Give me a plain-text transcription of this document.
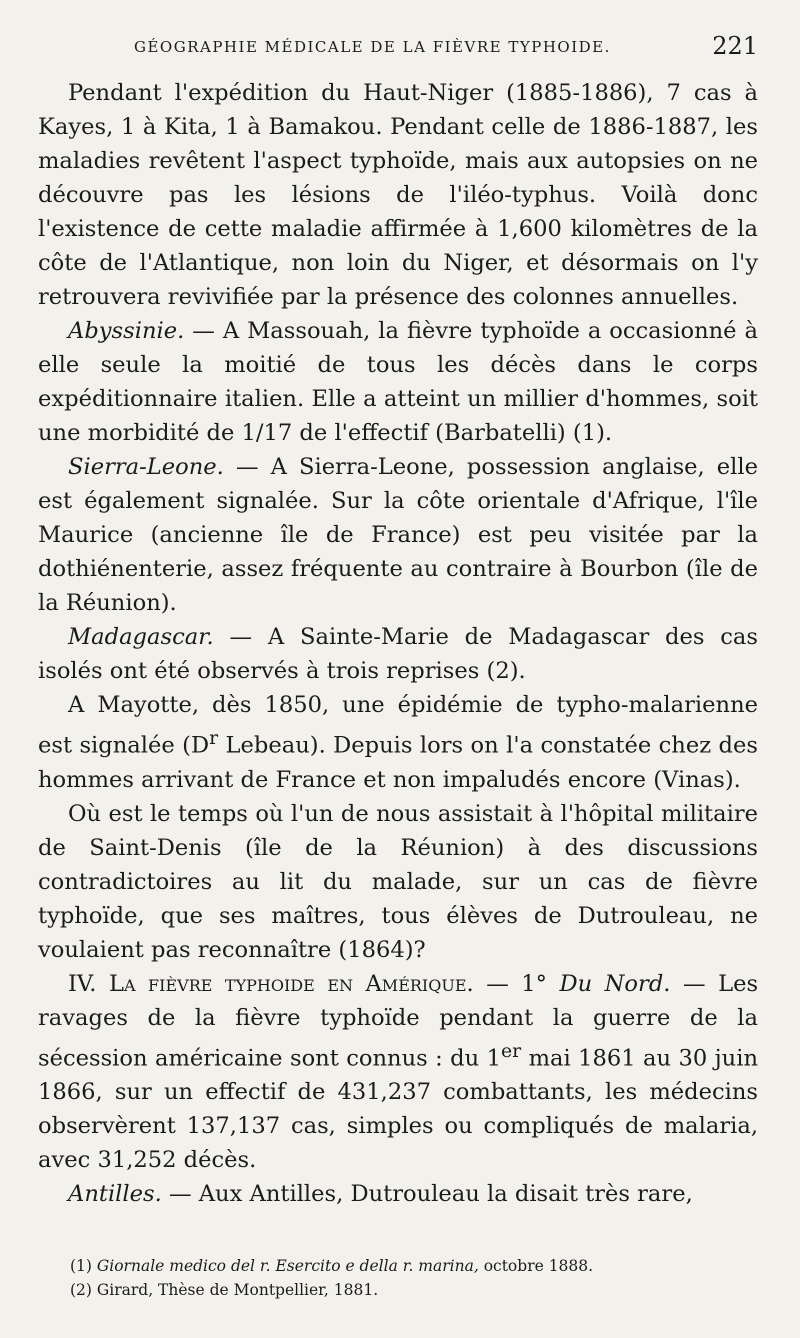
GÉOGRAPHIE MÉDICALE DE LA FIÈVRE TYPHOIDE.	221

Pendant l'expédition du Haut-Niger (1885-1886), 7 cas à Kayes, 1 à Kita, 1 à Bamakou. Pendant celle de 1886-1887, les maladies revêtent l'aspect typhoïde, mais aux autopsies on ne découvre pas les lésions de l'iléo-typhus. Voilà donc l'existence de cette maladie affirmée à 1,600 kilomètres de la côte de l'Atlantique, non loin du Niger, et désormais on l'y retrouvera revivifiée par la présence des colonnes annuelles.

Abyssinie. — A Massouah, la fièvre typhoïde a occasionné à elle seule la moitié de tous les décès dans le corps expéditionnaire italien. Elle a atteint un millier d'hommes, soit une morbidité de 1/17 de l'effectif (Barbatelli) (1).

Sierra-Leone. — A Sierra-Leone, possession anglaise, elle est également signalée. Sur la côte orientale d'Afrique, l'île Maurice (ancienne île de France) est peu visitée par la dothiénenterie, assez fréquente au contraire à Bourbon (île de la Réunion).

Madagascar. — A Sainte-Marie de Madagascar des cas isolés ont été observés à trois reprises (2).

A Mayotte, dès 1850, une épidémie de typho-malarienne est signalée ($D^r$ Lebeau). Depuis lors on l'a constatée chez des hommes arrivant de France et non impaludés encore (Vinas).

Où est le temps où l'un de nous assistait à l'hôpital militaire de Saint-Denis (île de la Réunion) à des discussions contradictoires au lit du malade, sur un cas de fièvre typhoïde, que ses maîtres, tous élèves de Dutrouleau, ne voulaient pas reconnaître (1864)?

IV. La fièvre typhoide en Amérique. — 1° Du Nord. — Les ravages de la fièvre typhoïde pendant la guerre de la sécession américaine sont connus : du 1er mai 1861 au 30 juin 1866, sur un effectif de 431,237 combattants, les médecins observèrent 137,137 cas, simples ou compliqués de malaria, avec 31,252 décès.

Antilles. — Aux Antilles, Dutrouleau la disait très rare,

(1) Giornale medico del r. Esercito e della r. marina, octobre 1888.

(2) Girard, Thèse de Montpellier, 1881.
